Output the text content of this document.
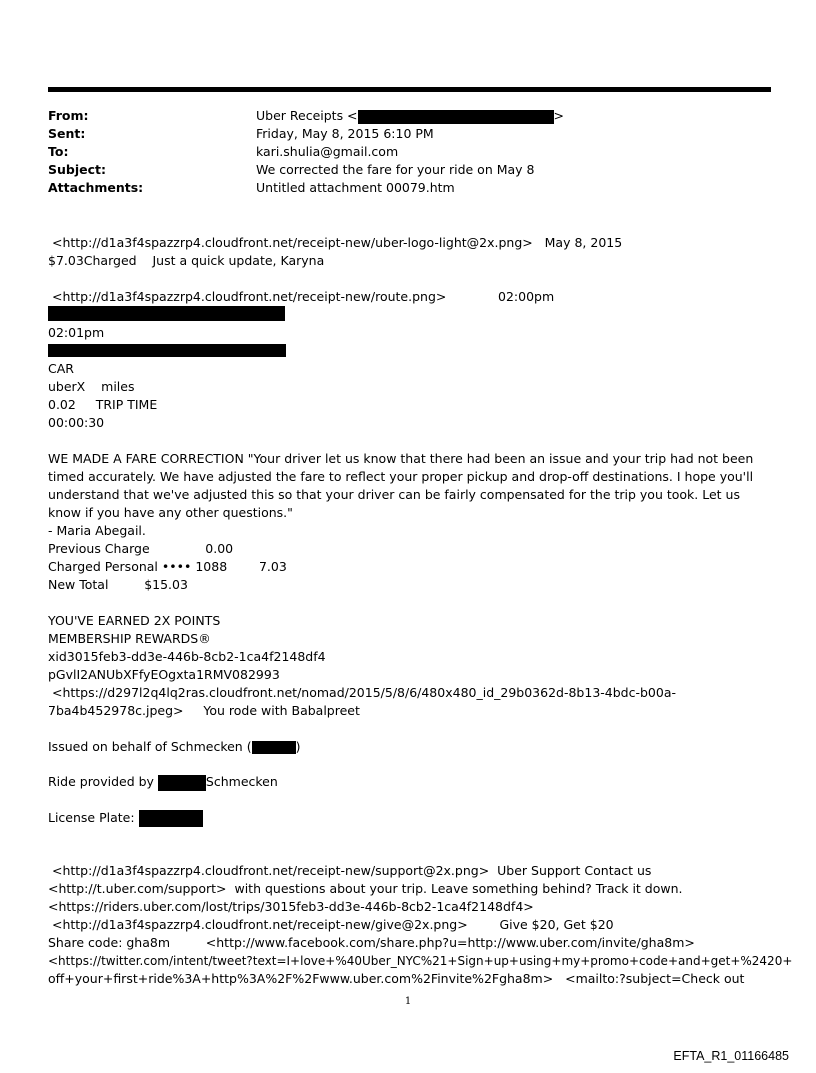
From:	Uber Receipts <	>
Sent:	Friday, May 8, 2015 6:10 PM
To:	kari.shulia@gmail.com
Subject:	We corrected the fare for your ride on May 8
Attachments:	Untitled attachment 00079.htm
<http://d1a3f4spazzrp4.cloudfront.net/receipt-new/uber-logo-light@2x.png>   May 8, 2015
$7.03Charged    Just a quick update, Karyna
<http://d1a3f4spazzrp4.cloudfront.net/receipt-new/route.png>             02:00pm
02:01pm
CAR
uberX    miles
0.02     TRIP TIME
00:00:30
WE MADE A FARE CORRECTION "Your driver let us know that there had been an issue and your trip had not been timed accurately. We have adjusted the fare to reflect your proper pickup and drop-off destinations. I hope you'll understand that we've adjusted this so that your driver can be fairly compensated for the trip you took. Let us know if you have any other questions."
- Maria Abegail.
Previous Charge              0.00
Charged Personal •••• 1088        7.03
New Total         $15.03
YOU'VE EARNED 2X POINTS
MEMBERSHIP REWARDS®
xid3015feb3-dd3e-446b-8cb2-1ca4f2148df4
pGvlI2ANUbXFfyEOgxta1RMV082993
<https://d297l2q4lq2ras.cloudfront.net/nomad/2015/5/8/6/480x480_id_29b0362d-8b13-4bdc-b00a-
7ba4b452978c.jpeg>     You rode with Babalpreet
Issued on behalf of Schmecken (	)
Ride provided by	Schmecken
License Plate:
<http://d1a3f4spazzrp4.cloudfront.net/receipt-new/support@2x.png>  Uber Support Contact us
<http://t.uber.com/support>  with questions about your trip. Leave something behind? Track it down.
<https://riders.uber.com/lost/trips/3015feb3-dd3e-446b-8cb2-1ca4f2148df4>
<http://d1a3f4spazzrp4.cloudfront.net/receipt-new/give@2x.png>        Give $20, Get $20
Share code: gha8m         <http://www.facebook.com/share.php?u=http://www.uber.com/invite/gha8m>
<https://twitter.com/intent/tweet?text=I+love+%40Uber_NYC%21+Sign+up+using+my+promo+code+and+get+%2420+
off+your+first+ride%3A+http%3A%2F%2Fwww.uber.com%2Finvite%2Fgha8m>   <mailto:?subject=Check out
1
EFTA_R1_01166485
